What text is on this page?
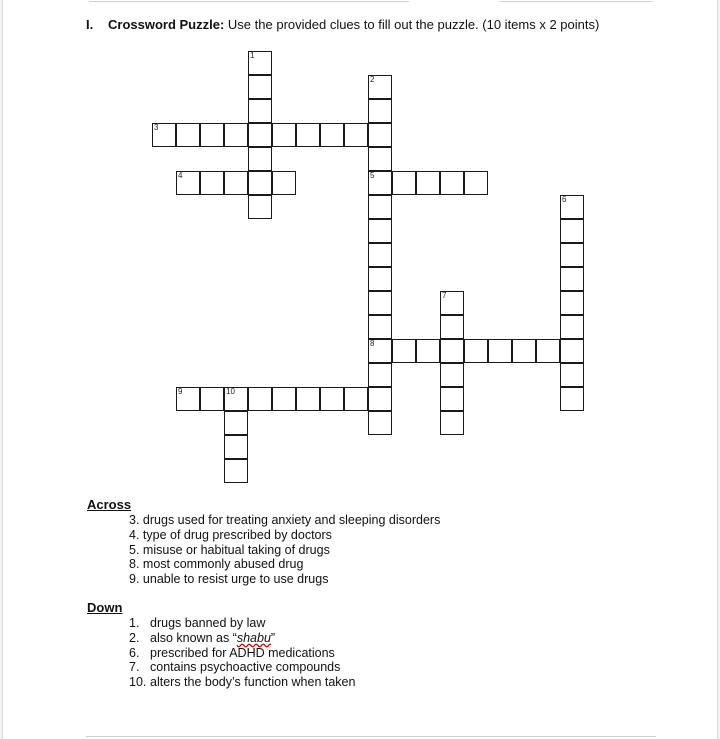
I. Crossword Puzzle: Use the provided clues to fill out the puzzle. (10 items x 2 points)
1
2
5
8
3
4
6
7
9	10
Across
3. drugs used for treating anxiety and sleeping disorders
4. type of drug prescribed by doctors
5. misuse or habitual taking of drugs
8. most commonly abused drug
9. unable to resist urge to use drugs
Down
1. drugs banned by law
2. also known as “shabu”
6. prescribed for ADHD medications
7. contains psychoactive compounds
10. alters the body’s function when taken
